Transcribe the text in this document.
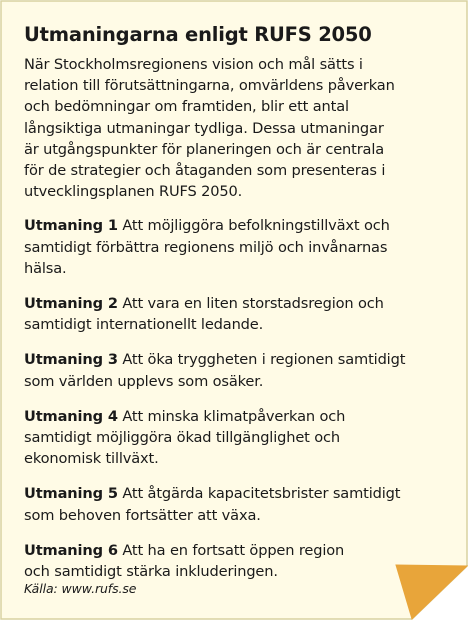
Utmaningarna enligt RUFS 2050

När Stockholmsregionens vision och mål sätts i
relation till förutsättningarna, omvärldens påverkan
och bedömningar om framtiden, blir ett antal
långsiktiga utmaningar tydliga. Dessa utmaningar
är utgångspunkter för planeringen och är centrala
för de strategier och åtaganden som presenteras i
utvecklingsplanen RUFS 2050.

Utmaning 1 Att möjliggöra befolkningstillväxt och
samtidigt förbättra regionens miljö och invånarnas
hälsa.

Utmaning 2 Att vara en liten storstadsregion och
samtidigt internationellt ledande.

Utmaning 3 Att öka tryggheten i regionen samtidigt
som världen upplevs som osäker.

Utmaning 4 Att minska klimatpåverkan och
samtidigt möjliggöra ökad tillgänglighet och
ekonomisk tillväxt.

Utmaning 5 Att åtgärda kapacitetsbrister samtidigt
som behoven fortsätter att växa.

Utmaning 6 Att ha en fortsatt öppen region
och samtidigt stärka inkluderingen.

Källa: www.rufs.se
